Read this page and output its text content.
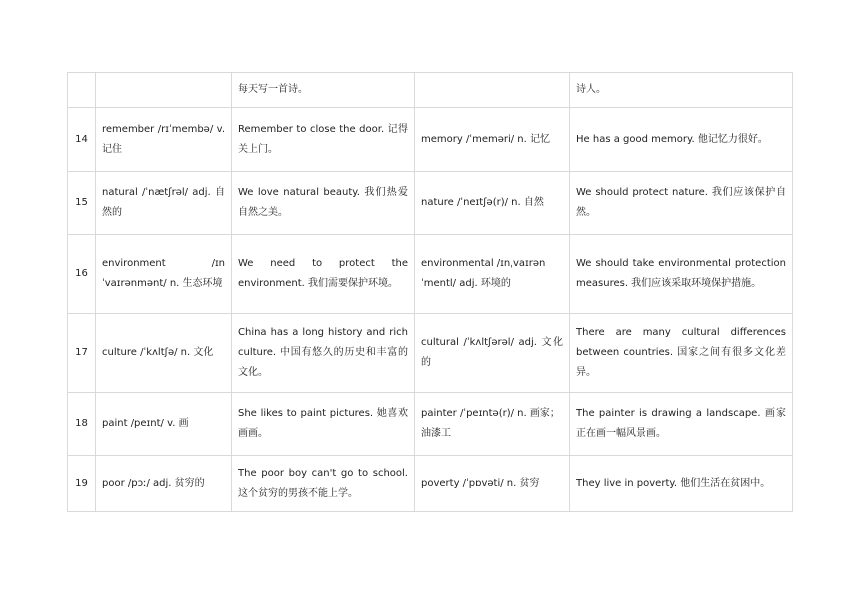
		每天写一首诗。		诗人。
14	remember /rɪˈmembə/ v. 记住	Remember to close the door. 记得关上门。	memory /ˈmeməri/ n. 记忆	He has a good memory. 他记忆力很好。
15	natural /ˈnætʃrəl/ adj. 自然的	We love natural beauty. 我们热爱自然之美。	nature /ˈneɪtʃə(r)/ n. 自然	We should protect nature. 我们应该保护自然。
16	environment /ɪnˈvaɪrənmənt/ n. 生态环境	We need to protect the environment. 我们需要保护环境。	environmental /ɪnˌvaɪrənˈmentl/ adj. 环境的	We should take environmental protection measures. 我们应该采取环境保护措施。
17	culture /ˈkʌltʃə/ n. 文化	China has a long history and rich culture. 中国有悠久的历史和丰富的文化。	cultural /ˈkʌltʃərəl/ adj. 文化的	There are many cultural differences between countries. 国家之间有很多文化差异。
18	paint /peɪnt/ v. 画	She likes to paint pictures. 她喜欢画画。	painter /ˈpeɪntə(r)/ n. 画家；油漆工	The painter is drawing a landscape. 画家正在画一幅风景画。
19	poor /pɔː/ adj. 贫穷的	The poor boy can't go to school. 这个贫穷的男孩不能上学。	poverty /ˈpɒvəti/ n. 贫穷	They live in poverty. 他们生活在贫困中。
